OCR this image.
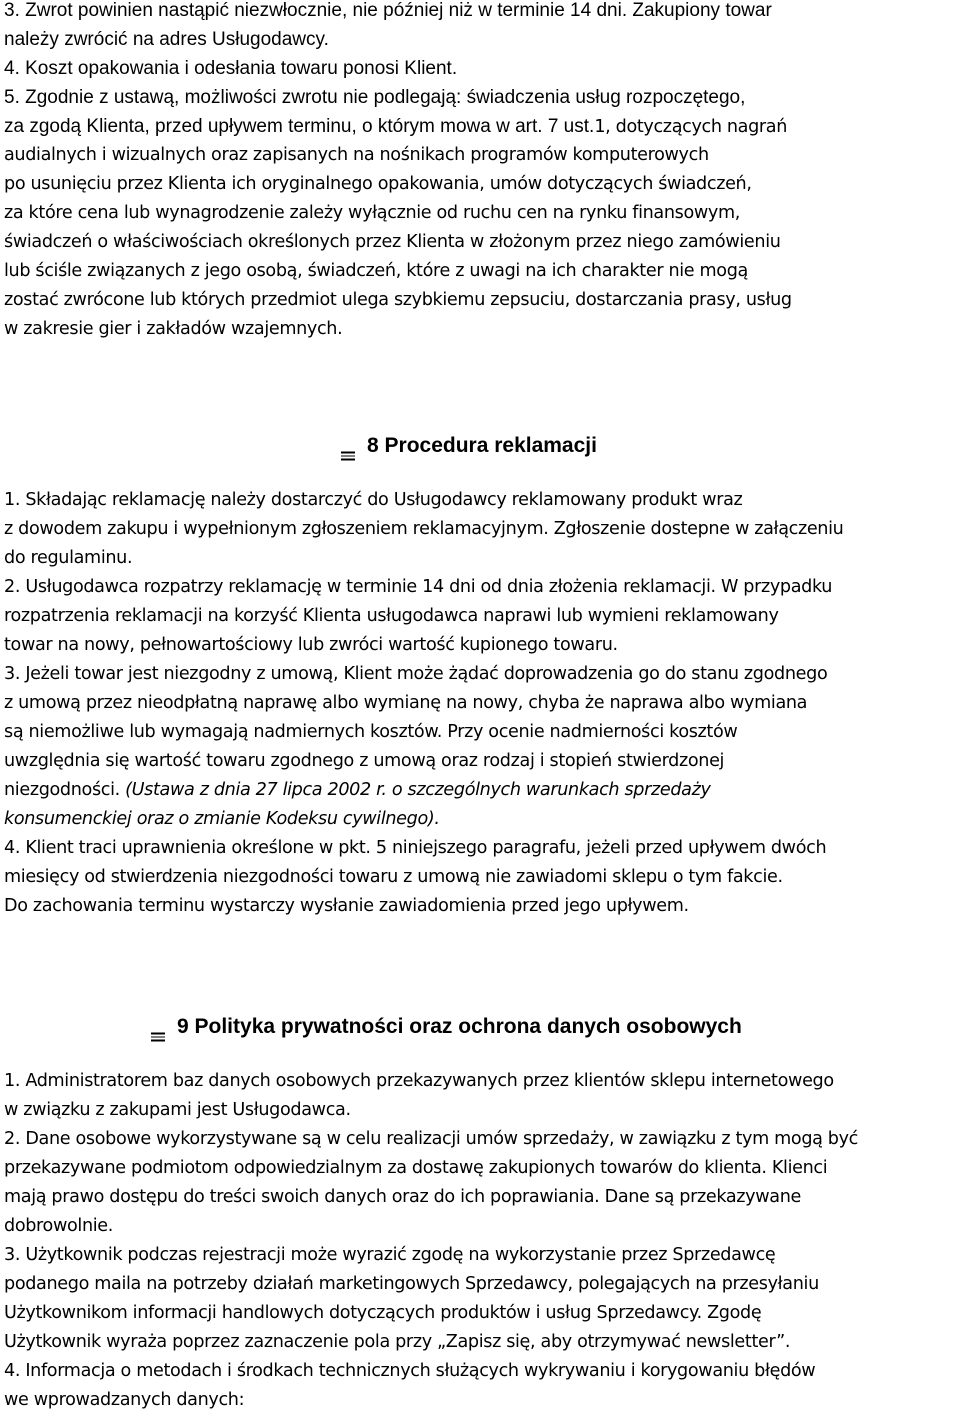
3. Zwrot powinien nastąpić niezwłocznie, nie później niż w terminie 14 dni. Zakupiony towar
należy zwrócić na adres Usługodawcy.
4. Koszt opakowania i odesłania towaru ponosi Klient.
5. Zgodnie z ustawą, możliwości zwrotu nie podlegają: świadczenia usług rozpoczętego,
za zgodą Klienta, przed upływem terminu, o którym mowa w art. 7 ust.1, dotyczących nagrań
audialnych i wizualnych oraz zapisanych na nośnikach programów komputerowych
po usunięciu przez Klienta ich oryginalnego opakowania, umów dotyczących świadczeń,
za które cena lub wynagrodzenie zależy wyłącznie od ruchu cen na rynku finansowym,
świadczeń o właściwościach określonych przez Klienta w złożonym przez niego zamówieniu
lub ściśle związanych z jego osobą, świadczeń, które z uwagi na ich charakter nie mogą
zostać zwrócone lub których przedmiot ulega szybkiemu zepsuciu, dostarczania prasy, usług
w zakresie gier i zakładów wzajemnych.
8 Procedura reklamacji
1. Składając reklamację należy dostarczyć do Usługodawcy reklamowany produkt wraz
z dowodem zakupu i wypełnionym zgłoszeniem reklamacyjnym. Zgłoszenie dostepne w załączeniu
do regulaminu.
2. Usługodawca rozpatrzy reklamację w terminie 14 dni od dnia złożenia reklamacji. W przypadku
rozpatrzenia reklamacji na korzyść Klienta usługodawca naprawi lub wymieni reklamowany
towar na nowy, pełnowartościowy lub zwróci wartość kupionego towaru.
3. Jeżeli towar jest niezgodny z umową, Klient może żądać doprowadzenia go do stanu zgodnego
z umową przez nieodpłatną naprawę albo wymianę na nowy, chyba że naprawa albo wymiana
są niemożliwe lub wymagają nadmiernych kosztów. Przy ocenie nadmierności kosztów
uwzględnia się wartość towaru zgodnego z umową oraz rodzaj i stopień stwierdzonej
niezgodności. (Ustawa z dnia 27 lipca 2002 r. o szczególnych warunkach sprzedaży
konsumenckiej oraz o zmianie Kodeksu cywilnego).
4. Klient traci uprawnienia określone w pkt. 5 niniejszego paragrafu, jeżeli przed upływem dwóch
miesięcy od stwierdzenia niezgodności towaru z umową nie zawiadomi sklepu o tym fakcie.
Do zachowania terminu wystarczy wysłanie zawiadomienia przed jego upływem.
9 Polityka prywatności oraz ochrona danych osobowych
1. Administratorem baz danych osobowych przekazywanych przez klientów sklepu internetowego
w związku z zakupami jest Usługodawca.
2. Dane osobowe wykorzystywane są w celu realizacji umów sprzedaży, w zawiązku z tym mogą być
przekazywane podmiotom odpowiedzialnym za dostawę zakupionych towarów do klienta. Klienci
mają prawo dostępu do treści swoich danych oraz do ich poprawiania. Dane są przekazywane
dobrowolnie.
3. Użytkownik podczas rejestracji może wyrazić zgodę na wykorzystanie przez Sprzedawcę
podanego maila na potrzeby działań marketingowych Sprzedawcy, polegających na przesyłaniu
Użytkownikom informacji handlowych dotyczących produktów i usług Sprzedawcy. Zgodę
Użytkownik wyraża poprzez zaznaczenie pola przy „Zapisz się, aby otrzymywać newsletter”.
4. Informacja o metodach i środkach technicznych służących wykrywaniu i korygowaniu błędów
we wprowadzanych danych:
